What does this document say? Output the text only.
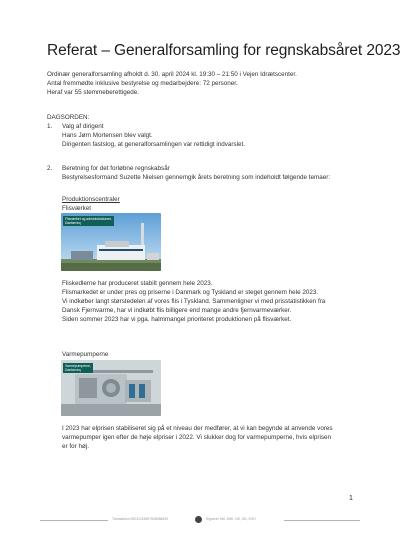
Referat – Generalforsamling for regnskabsåret 2023
Ordinær generalforsamling afholdt d. 30. april 2024 kl. 19:30 – 21:50 i Vejen Idrætscenter.
Antal fremmødte inklusive bestyrelse og medarbejdere: 72 personer.
Heraf var 55 stemmeberettigede.
DAGSORDEN:
1. Valg af dirigent
Hans Jørn Mortensen blev valgt.
Dirigenten fastslog, at generalforsamlingen var rettidigt indvarslet.
2. Beretning for det forløbne regnskabsår
Bestyrelsesformand Suzette Nielsen gennemgik årets beretning som indeholdt følgende temaer:
Produktionscentraler
Flisværket
Flisværket og administrationen,
Danfarveq
Fliskedlerne har produceret stabilt gennem hele 2023.
Flismarkedet er under pres og priserne i Danmark og Tyskland er steget gennem hele 2023.
Vi indkøber langt størstedelen af vores flis i Tyskland. Sammenligner vi med prisstatistikken fra
Dansk Fjernvarme, har vi indkøbt flis billigere end mange andre fjernvarmeværker.
Siden sommer 2023 har vi pga. halmmangel prioriteret produktionen på flisværket.
Varmepumperne
Varmepumperne,
Danfarveq
I 2023 har elprisen stabiliseret sig på et niveau der medfører, at vi kan begynde at anvende vores
varmepumper igen efter de høje elpriser i 2022. Vi slukker dog for varmepumperne, hvis elprisen
er for høj.
1
Transaktion 09222115557528088400	Signeret SM, JMK, NS, SN, SGH
